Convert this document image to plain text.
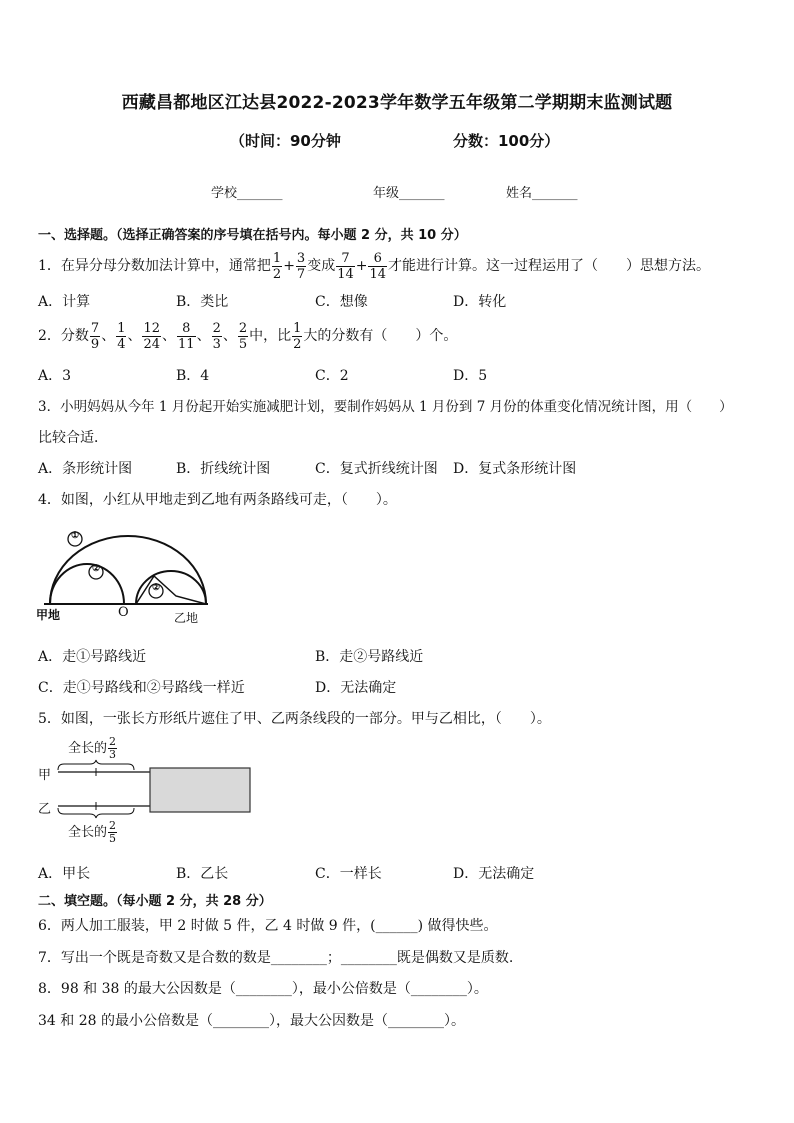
西藏昌都地区江达县2022-2023学年数学五年级第二学期期末监测试题
（时间：90分钟	分数：100分）
学校_______	年级_______	姓名_______
一、选择题。（选择正确答案的序号填在括号内。每小题 2 分，共 10 分）
1．在异分母分数加法计算中，通常把 $\frac{1}{2} + \frac{3}{7}$ 变成 $\frac{7}{14} + \frac{6}{14}$ 才能进行计算。这一过程运用了（　　）思想方法。
A．计算	B．类比	C．想像	D．转化
2．分数 $\frac{7}{9}$ 、 $\frac{1}{4}$ 、 $\frac{12}{24}$ 、 $\frac{8}{11}$ 、 $\frac{2}{3}$ 、 $\frac{2}{5}$ 中，比 $\frac{1}{2}$ 大的分数有（　　）个。
A．3	B．4	C．2	D．5
3．小明妈妈从今年 1 月份起开始实施减肥计划，要制作妈妈从 1 月份到 7 月份的体重变化情况统计图，用（　　）
比较合适．
A．条形统计图	B．折线统计图	C．复式折线统计图 D．复式条形统计图
4．如图，小红从甲地走到乙地有两条路线可走，（　　）。
①
②
②
甲地	O	乙地
A．走①号路线近	B．走②号路线近
C．走①号路线和②号路线一样近	D．无法确定
5．如图，一张长方形纸片遮住了甲、乙两条线段的一部分。甲与乙相比，（　　）。
全长的 $\frac{2}{3}$
甲
乙
全长的 $\frac{2}{5}$
A．甲长	B．乙长	C．一样长	D．无法确定
二、填空题。（每小题 2 分，共 28 分）
6．两人加工服装，甲 2 时做 5 件，乙 4 时做 9 件，(______) 做得快些。
7．写出一个既是奇数又是合数的数是________；________既是偶数又是质数.
8．98 和 38 的最大公因数是（________），最小公倍数是（________）。
34 和 28 的最小公倍数是（________），最大公因数是（________）。
